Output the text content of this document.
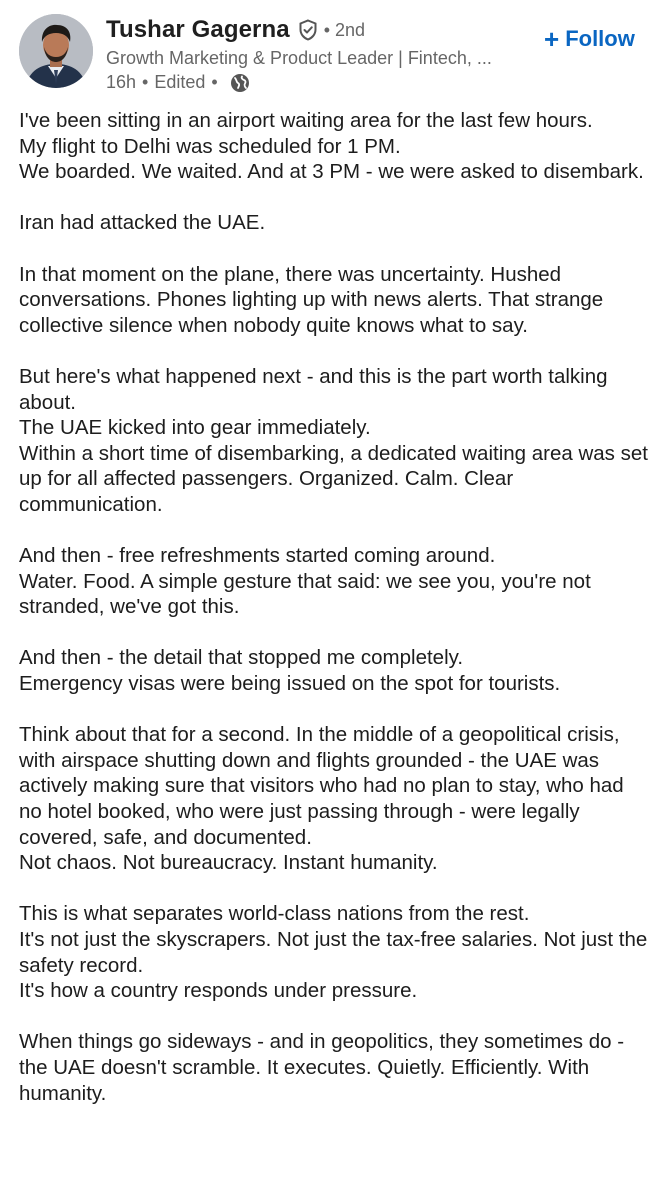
Tushar Gagerna • 2nd
Growth Marketing & Product Leader | Fintech, ...
16h • Edited •
+ Follow
I've been sitting in an airport waiting area for the last few hours.
My flight to Delhi was scheduled for 1 PM.
We boarded. We waited. And at 3 PM - we were asked to disembark.
Iran had attacked the UAE.
In that moment on the plane, there was uncertainty. Hushed conversations. Phones lighting up with news alerts. That strange collective silence when nobody quite knows what to say.
But here's what happened next - and this is the part worth talking about.
The UAE kicked into gear immediately.
Within a short time of disembarking, a dedicated waiting area was set up for all affected passengers. Organized. Calm. Clear communication.
And then - free refreshments started coming around.
Water. Food. A simple gesture that said: we see you, you're not stranded, we've got this.
And then - the detail that stopped me completely.
Emergency visas were being issued on the spot for tourists.
Think about that for a second. In the middle of a geopolitical crisis, with airspace shutting down and flights grounded - the UAE was actively making sure that visitors who had no plan to stay, who had no hotel booked, who were just passing through - were legally covered, safe, and documented.
Not chaos. Not bureaucracy. Instant humanity.
This is what separates world-class nations from the rest.
It's not just the skyscrapers. Not just the tax-free salaries. Not just the safety record.
It's how a country responds under pressure.
When things go sideways - and in geopolitics, they sometimes do - the UAE doesn't scramble. It executes. Quietly. Efficiently. With humanity.
